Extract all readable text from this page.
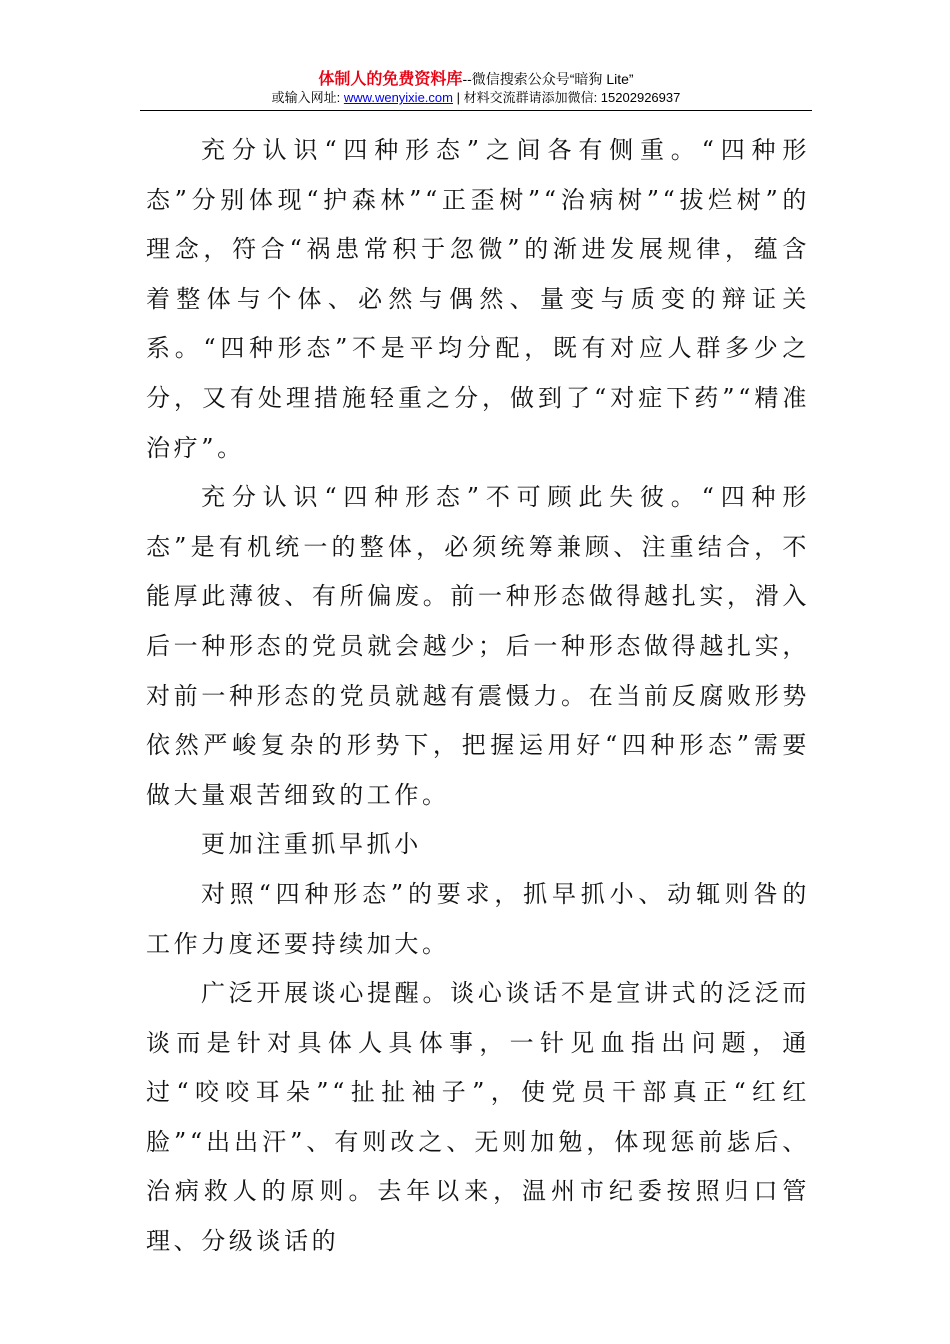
体制人的免费资料库--微信搜索公众号“暗狗 Lite”
或输入网址: www.wenyixie.com | 材料交流群请添加微信: 15202926937

充分认识“四种形态”之间各有侧重。“四种形态”分别体现“护森林”“正歪树”“治病树”“拔烂树”的理念，符合“祸患常积于忽微”的渐进发展规律，蕴含着整体与个体、必然与偶然、量变与质变的辩证关系。“四种形态”不是平均分配，既有对应人群多少之分，又有处理措施轻重之分，做到了“对症下药”“精准治疗”。

充分认识“四种形态”不可顾此失彼。“四种形态”是有机统一的整体，必须统筹兼顾、注重结合，不能厚此薄彼、有所偏废。前一种形态做得越扎实，滑入后一种形态的党员就会越少；后一种形态做得越扎实，对前一种形态的党员就越有震慑力。在当前反腐败形势依然严峻复杂的形势下，把握运用好“四种形态”需要做大量艰苦细致的工作。

更加注重抓早抓小

对照“四种形态”的要求，抓早抓小、动辄则咎的工作力度还要持续加大。

广泛开展谈心提醒。谈心谈话不是宣讲式的泛泛而谈而是针对具体人具体事，一针见血指出问题，通过“咬咬耳朵”“扯扯袖子”，使党员干部真正“红红脸”“出出汗”、有则改之、无则加勉，体现惩前毖后、治病救人的原则。去年以来，温州市纪委按照归口管理、分级谈话的
